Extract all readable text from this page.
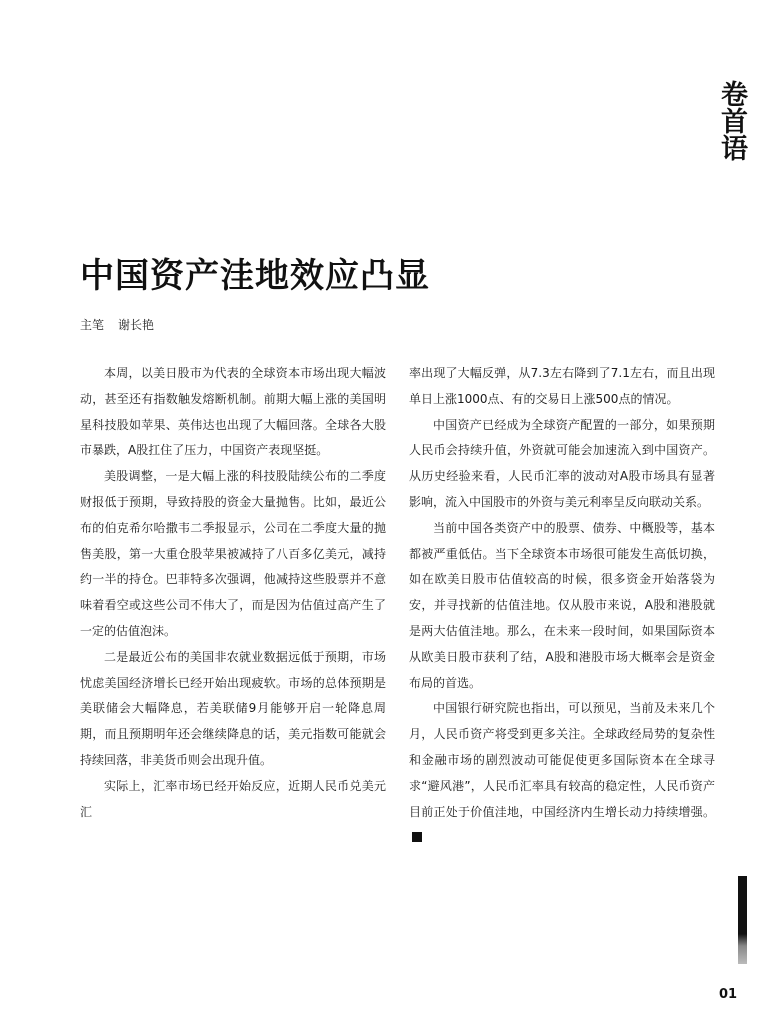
卷首语
中国资产洼地效应凸显
主笔 谢长艳

本周，以美日股市为代表的全球资本市场出现大幅波动，甚至还有指数触发熔断机制。前期大幅上涨的美国明星科技股如苹果、英伟达也出现了大幅回落。全球各大股市暴跌，A股扛住了压力，中国资产表现坚挺。

美股调整，一是大幅上涨的科技股陆续公布的二季度财报低于预期，导致持股的资金大量抛售。比如，最近公布的伯克希尔哈撒韦二季报显示，公司在二季度大量的抛售美股，第一大重仓股苹果被减持了八百多亿美元，减持约一半的持仓。巴菲特多次强调，他减持这些股票并不意味着看空或这些公司不伟大了，而是因为估值过高产生了一定的估值泡沫。

二是最近公布的美国非农就业数据远低于预期，市场忧虑美国经济增长已经开始出现疲软。市场的总体预期是美联储会大幅降息，若美联储9月能够开启一轮降息周期，而且预期明年还会继续降息的话，美元指数可能就会持续回落，非美货币则会出现升值。

实际上，汇率市场已经开始反应，近期人民币兑美元汇

率出现了大幅反弹，从7.3左右降到了7.1左右，而且出现单日上涨1000点、有的交易日上涨500点的情况。

中国资产已经成为全球资产配置的一部分，如果预期人民币会持续升值，外资就可能会加速流入到中国资产。从历史经验来看，人民币汇率的波动对A股市场具有显著影响，流入中国股市的外资与美元利率呈反向联动关系。

当前中国各类资产中的股票、债券、中概股等，基本都被严重低估。当下全球资本市场很可能发生高低切换，如在欧美日股市估值较高的时候，很多资金开始落袋为安，并寻找新的估值洼地。仅从股市来说，A股和港股就是两大估值洼地。那么，在未来一段时间，如果国际资本从欧美日股市获利了结，A股和港股市场大概率会是资金布局的首选。

中国银行研究院也指出，可以预见，当前及未来几个月，人民币资产将受到更多关注。全球政经局势的复杂性和金融市场的剧烈波动可能促使更多国际资本在全球寻求“避风港”，人民币汇率具有较高的稳定性，人民币资产目前正处于价值洼地，中国经济内生增长动力持续增强。

01
